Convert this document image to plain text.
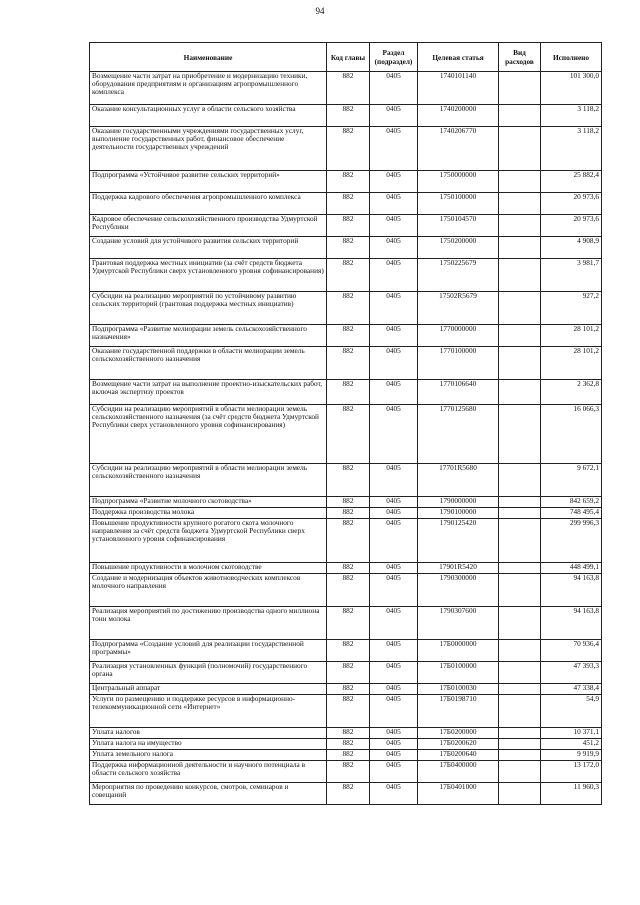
94
Наименование	Код главы	Раздел (подраздел)	Целевая статья	Вид расходов	Исполнено
Возмещение части затрат на приобретение и модернизацию техники, оборудования предприятиям и организациям агропромышленного комплекса	882	0405	1740101140		101 300,0
Оказание консультационных услуг в области сельского хозяйства	882	0405	1740200000		3 118,2
Оказание государственными учреждениями государственных услуг, выполнение государственных работ, финансовое обеспечение деятельности государственных учреждений	882	0405	1740206770		3 118,2
Подпрограмма «Устойчивое развитие сельских территорий»	882	0405	1750000000		25 882,4
Поддержка кадрового обеспечения агропромышленного комплекса	882	0405	1750100000		20 973,6
Кадровое обеспечение сельскохозяйственного производства Удмуртской Республики	882	0405	1750104570		20 973,6
Создание условий для устойчивого развития сельских территорий	882	0405	1750200000		4 908,9
Грантовая поддержка местных инициатив (за счёт средств бюджета Удмуртской Республики сверх установленного уровня софинансирования)	882	0405	1750225679		3 981,7
Субсидии на реализацию мероприятий по устойчивому развитию сельских территорий (грантовая поддержка местных инициатив)	882	0405	17502R5679		927,2
Подпрограмма «Развитие мелиорации земель сельскохозяйственного назначения»	882	0405	1770000000		28 101,2
Оказание государственной поддержки в области мелиорации земель сельскохозяйственного назначения	882	0405	1770100000		28 101,2
Возмещение части затрат на выполнение проектно-изыскательских работ, включая экспертизу проектов	882	0405	1770106640		2 362,8
Субсидии на реализацию мероприятий в области мелиорации земель сельскохозяйственного назначения (за счёт средств бюджета Удмуртской Республики сверх установленного уровня софинансирования)	882	0405	1770125680		16 066,3
Субсидии на реализацию мероприятий в области мелиорации земель сельскохозяйственного назначения	882	0405	17701R5680		9 672,1
Подпрограмма «Развитие молочного скотоводства»	882	0405	1790000000		842 659,2
Поддержка производства молока	882	0405	1790100000		748 495,4
Повышение продуктивности крупного рогатого скота молочного направления за счёт средств бюджета Удмуртской Республики сверх установленного уровня софинансирования	882	0405	1790125420		299 996,3
Повышение продуктивности в молочном скотоводстве	882	0405	17901R5420		448 499,1
Создание и модернизация объектов животноводческих комплексов молочного направления	882	0405	1790300000		94 163,8
Реализация мероприятий по достижению производства одного миллиона тонн молока	882	0405	1790307600		94 163,8
Подпрограмма «Создание условий для реализации государственной программы»	882	0405	17Б0000000		70 936,4
Реализация установленных функций (полномочий) государственного органа	882	0405	17Б0100000		47 393,3
Центральный аппарат	882	0405	17Б0100030		47 338,4
Услуги по размещению и поддержке ресурсов в информационно-телекоммуникационной сети «Интернет»	882	0405	17Б0198710		54,9
Уплата налогов	882	0405	17Б0200000		10 371,1
Уплата налога на имущество	882	0405	17Б0200620		451,2
Уплата земельного налога	882	0405	17Б0200640		9 919,9
Поддержка информационной деятельности и научного потенциала в области сельского хозяйства	882	0405	17Б0400000		13 172,0
Мероприятия по проведению конкурсов, смотров, семинаров и совещаний	882	0405	17Б0401000		11 960,3
